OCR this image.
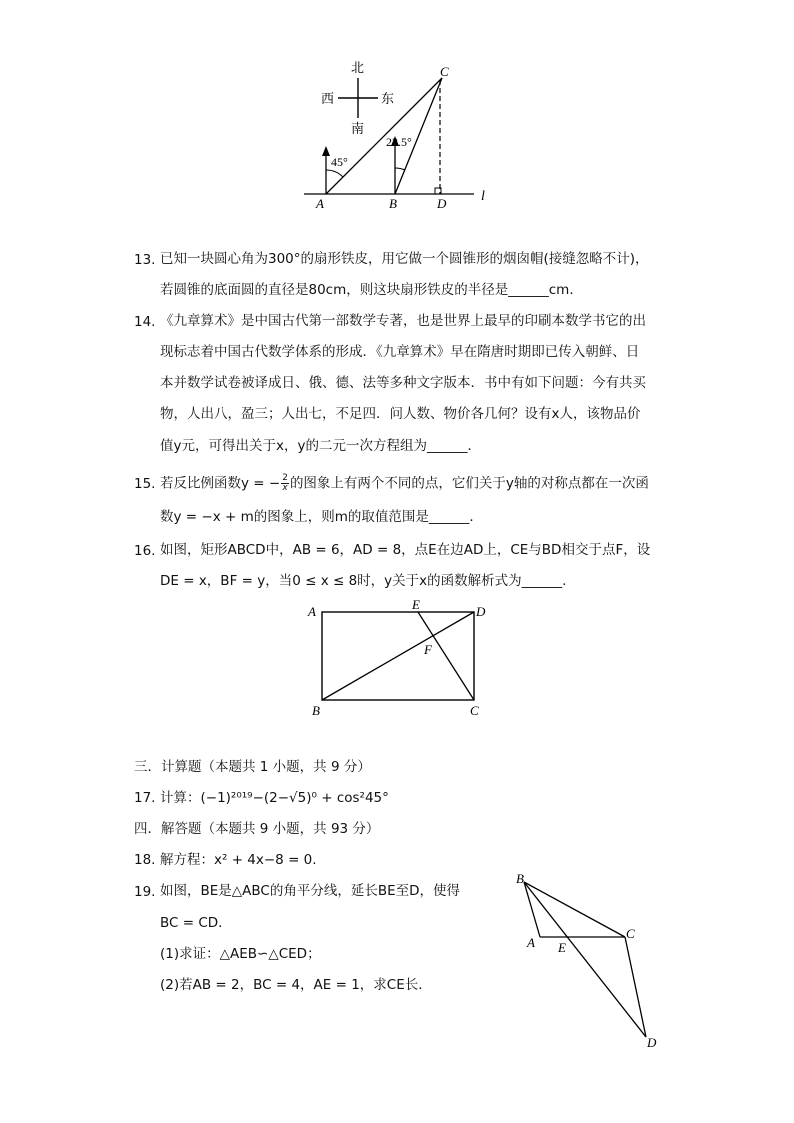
北
南
西	东
45°
22.5°
A	B
C
D l
13. 已知一块圆心角为300°的扇形铁皮，用它做一个圆锥形的烟囱帽(接缝忽略不计)，
若圆锥的底面圆的直径是80cm，则这块扇形铁皮的半径是______cm.
14. 《九章算术》是中国古代第一部数学专著，也是世界上最早的印刷本数学书它的出
现标志着中国古代数学体系的形成．《九章算术》早在隋唐时期即已传入朝鲜、日
本并数学试卷被译成日、俄、德、法等多种文字版本．书中有如下问题：今有共买
物，人出八，盈三；人出七，不足四．问人数、物价各几何？设有x人，该物品价
值y元，可得出关于x，y的二元一次方程组为______．
15. 若反比例函数y = − $\frac{2}{x}$ 的图象上有两个不同的点，它们关于y轴的对称点都在一次函
数y = −x + m的图象上，则m的取值范围是______．
16. 如图，矩形ABCD中，AB = 6，AD = 8，点E在边AD上，CE与BD相交于点F，设
DE = x，BF = y，当0 ≤ x ≤ 8时，y关于x的函数解析式为______.
A
B	C
D
E
F
三．计算题（本题共 1 小题，共 9 分）
17. 计算：(−1)²⁰¹⁹−(2−√5)⁰ + cos²45°
四．解答题（本题共 9 小题，共 93 分）
18. 解方程：x² + 4x−8 = 0.
19. 如图，BE是△ABC的角平分线，延长BE至D，使得
BC = CD．
(1)求证：△AEB∽△CED；
(2)若AB = 2，BC = 4，AE = 1，求CE长．
B
A E
C
D
